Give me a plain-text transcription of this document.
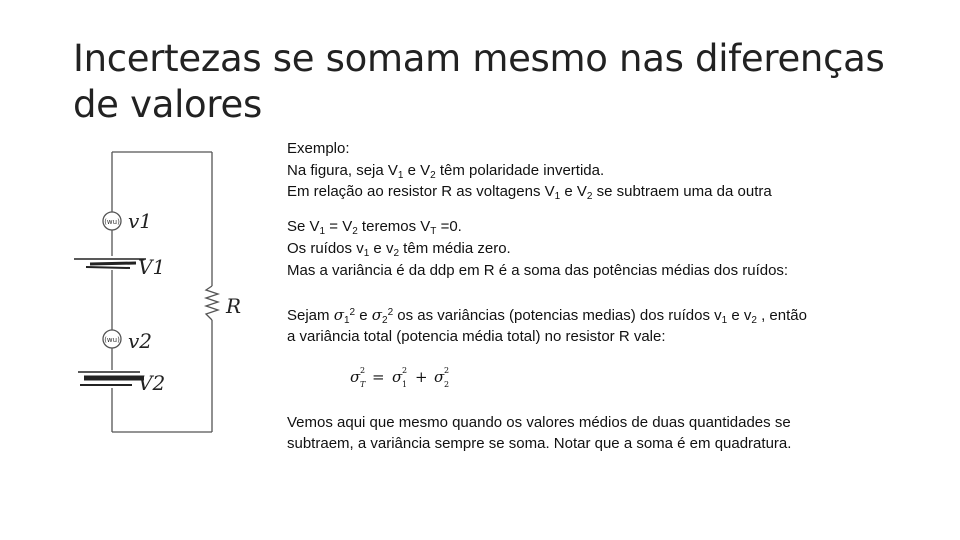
Incertezas se somam mesmo nas diferenças
de valores
(wu)
(wu)
v1
V1
R
v2
V2
Exemplo:
Na figura, seja $V_1$ e $V_2$ têm polaridade invertida.
Em relação ao resistor R as voltagens $V_1$ e $V_2$ se subtraem uma da outra
Se $V_1 = V_2$ teremos $V_T =0$.
Os ruídos $v_1$ e $v_2$ têm média zero.
Mas a variância é da ddp em R é a soma das potências médias dos ruídos:
Sejam $\sigma_1^2$ e $\sigma_2^2$ os as variâncias (potencias medias) dos ruídos $v_1$ e $v_2$ , então
a variância total (potencia média total) no resistor R vale:
Vemos aqui que mesmo quando os valores médios de duas quantidades se
subtraem, a variância sempre se soma. Notar que a soma é em quadratura.
σ T
2 = σ 1
2 + σ 2
2
